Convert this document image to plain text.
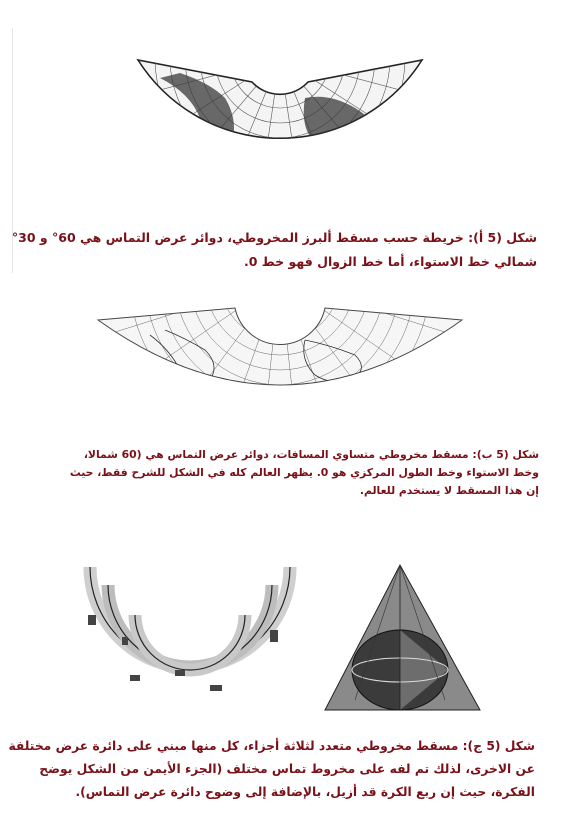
شكل (5 أ): خريطة حسب مسقط ألبرز المخروطي، دوائر عرض التماس هي 60° و 30°
شمالي خط الاستواء، أما خط الزوال فهو خط 0.
شكل (5 ب): مسقط مخروطي متساوي المسافات، دوائر عرض التماس هي (60 شمالا،
وخط الاستواء وخط الطول المركزي هو 0. يظهر العالم كله في الشكل للشرح فقط، حيث
إن هذا المسقط لا يستخدم للعالم.
شكل (5 ج): مسقط مخروطي متعدد لثلاثة أجزاء، كل منها مبني على دائرة عرض مختلفة
عن الاخرى، لذلك تم لفه على مخروط تماس مختلف (الجزء الأيمن من الشكل يوضح
الفكرة، حيث إن ربع الكرة قد أزيل، بالإضافة إلى وضوح دائرة عرض التماس).
